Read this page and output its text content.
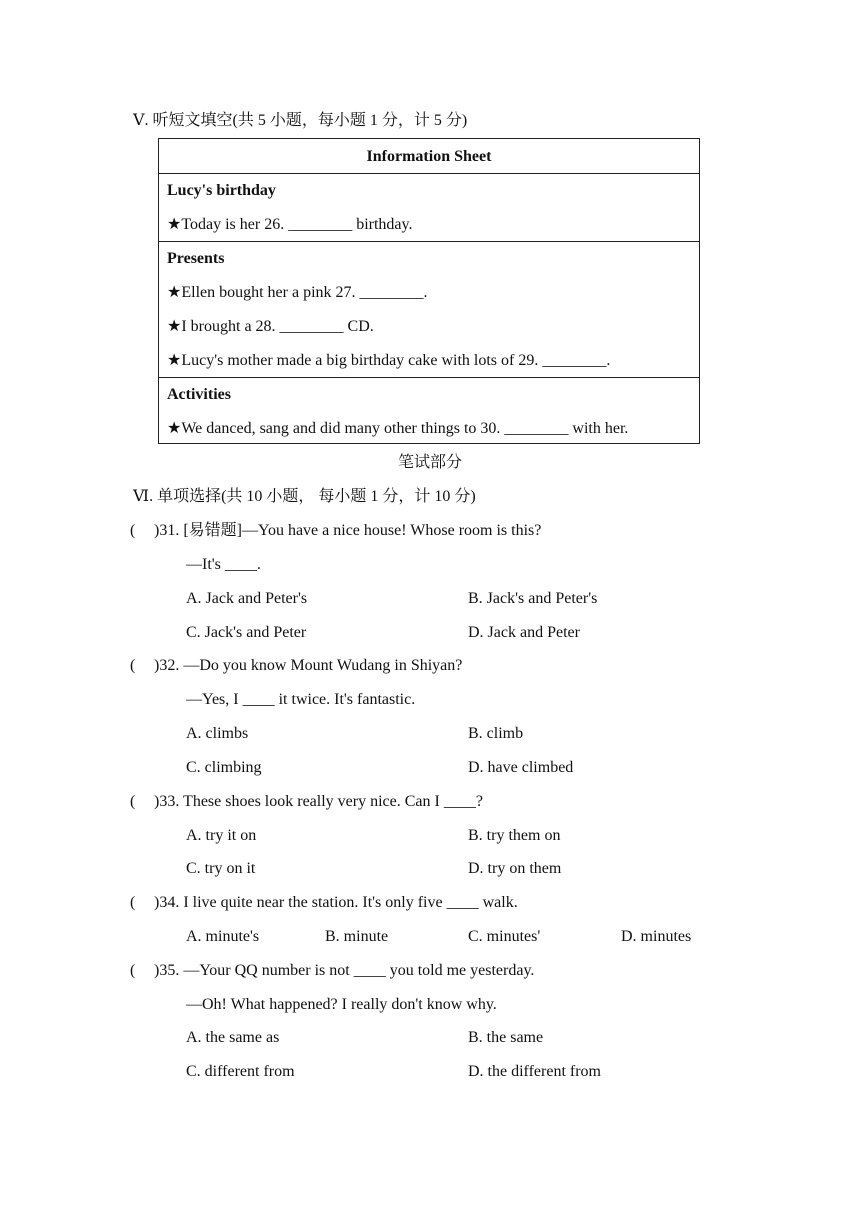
Ⅴ. 听短文填空(共 5 小题，每小题 1 分，计 5 分)
Information Sheet
Lucy's birthday
★Today is her 26. ________ birthday.
Presents
★Ellen bought her a pink 27. ________.
★I brought a 28. ________ CD.
★Lucy's mother made a big birthday cake with lots of 29. ________.
Activities
★We danced, sang and did many other things to 30. ________ with her.
笔试部分
Ⅵ. 单项选择(共 10 小题， 每小题 1 分，计 10 分)
( )31. [易错题]—You have a nice house! Whose room is this?
—It's ____.
A. Jack and Peter's	B. Jack's and Peter's
C. Jack's and Peter	D. Jack and Peter
( )32. —Do you know Mount Wudang in Shiyan?
—Yes, I ____ it twice. It's fantastic.
A. climbs	B. climb
C. climbing	D. have climbed
( )33. These shoes look really very nice. Can I ____?
A. try it on	B. try them on
C. try on it	D. try on them
( )34. I live quite near the station. It's only five ____ walk.
A. minute's	B. minute	C. minutes'	D. minutes
( )35. —Your QQ number is not ____ you told me yesterday.
—Oh! What happened? I really don't know why.
A. the same as	B. the same
C. different from	D. the different from
